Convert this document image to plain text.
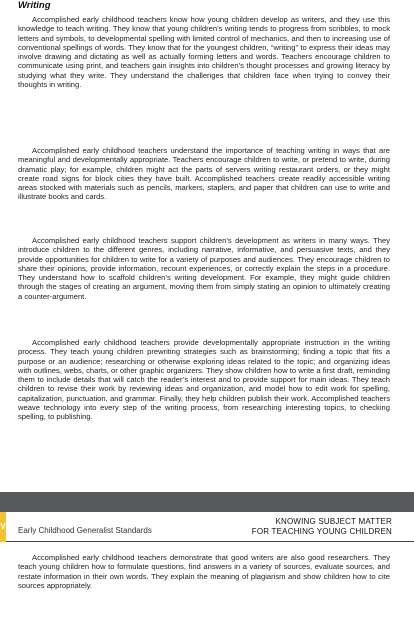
Writing

Accomplished early childhood teachers know how young children develop as writers, and they use this knowledge to teach writing. They know that young children’s writing tends to progress from scribbles, to mock letters and symbols, to developmental spelling with limited control of mechanics, and then to increasing use of conventional spellings of words. They know that for the youngest children, “writing” to express their ideas may involve drawing and dictating as well as actually forming letters and words. Teachers encourage children to communicate using print, and teachers gain insights into children’s thought processes and growing literacy by studying what they write. They understand the challenges that children face when trying to convey their thoughts in writing.

Accomplished early childhood teachers understand the importance of teaching writing in ways that are meaningful and developmentally appropriate. Teachers encourage children to write, or pretend to write, during dramatic play; for example, children might act the parts of servers writing restaurant orders, or they might create road signs for block cities they have built. Accomplished teachers create readily accessible writing areas stocked with materials such as pencils, markers, staplers, and paper that children can use to write and illustrate books and cards.

Accomplished early childhood teachers support children’s development as writers in many ways. They introduce children to the different genres, including narrative, informative, and persuasive texts, and they provide opportunities for children to write for a variety of purposes and audiences. They encourage children to share their opinions, provide information, recount experiences, or correctly explain the steps in a procedure. They understand how to scaffold children’s writing development. For example, they might guide children through the stages of creating an argument, moving them from simply stating an opinion to ultimately creating a counter-argument.

Accomplished early childhood teachers provide developmentally appropriate instruction in the writing process. They teach young children prewriting strategies such as brainstorming; finding a topic that fits a purpose or an audience; researching or otherwise exploring ideas related to the topic; and organizing ideas with outlines, webs, charts, or other graphic organizers. They show children how to write a first draft, reminding them to include details that will catch the reader’s interest and to provide support for main ideas. They teach children to revise their work by reviewing ideas and organization, and model how to edit work for spelling, capitalization, punctuation, and grammar. Finally, they help children publish their work. Accomplished teachers weave technology into every step of the writing process, from researching interesting topics, to checking spelling, to publishing.

V Early Childhood Generalist Standards
KNOWING SUBJECT MATTER
FOR TEACHING YOUNG CHILDREN

Accomplished early childhood teachers demonstrate that good writers are also good researchers. They teach young children how to formulate questions, find answers in a variety of sources, evaluate sources, and restate information in their own words. They explain the meaning of plagiarism and show children how to cite sources appropriately.
